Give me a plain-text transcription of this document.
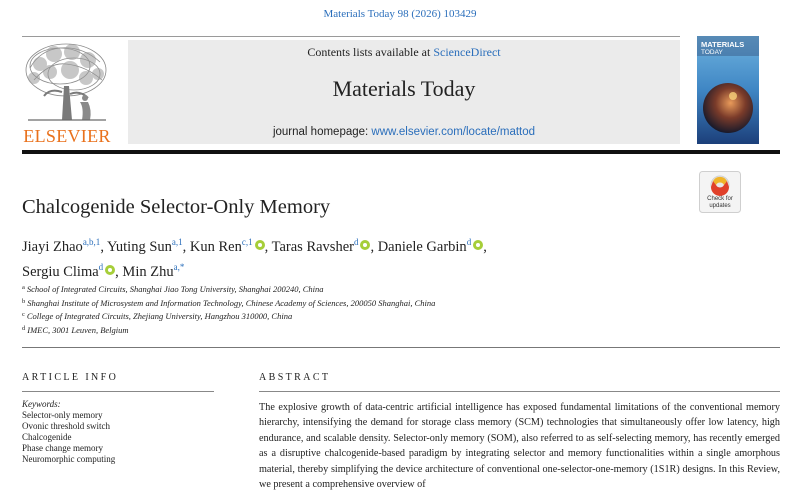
Materials Today 98 (2026) 103429
ELSEVIER
Contents lists available at ScienceDirect
Materials Today
journal homepage: www.elsevier.com/locate/mattod
MATERIALS
TODAY
Check for
updates
Chalcogenide Selector-Only Memory
Jiayi Zhao$^{a,b,1}$, Yuting Sun$^{a,1}$, Kun Ren$^{c,1}$ , Taras Ravsher$^d$ , Daniele Garbin$^d$ ,
Sergiu Clima$^d$ , Min Zhu$^{a,*}$
$^a$ School of Integrated Circuits, Shanghai Jiao Tong University, Shanghai 200240, China
$^b$ Shanghai Institute of Microsystem and Information Technology, Chinese Academy of Sciences, 200050 Shanghai, China
$^c$ College of Integrated Circuits, Zhejiang University, Hangzhou 310000, China
$^d$ IMEC, 3001 Leuven, Belgium
ARTICLE INFO	ABSTRACT
Keywords:
Selector-only memory
Ovonic threshold switch
Chalcogenide
Phase change memory
Neuromorphic computing
The explosive growth of data-centric artificial intelligence has exposed fundamental limitations of the conventional memory hierarchy, intensifying the demand for storage class memory (SCM) technologies that simultaneously offer low latency, high endurance, and scalable density. Selector-only memory (SOM), also referred to as self-selecting memory, has recently emerged as a disruptive chalcogenide-based paradigm by integrating selector and memory functionalities within a single amorphous material, thereby simplifying the device architecture of conventional one-selector-one-memory (1S1R) designs. In this Review, we present a comprehensive overview of
